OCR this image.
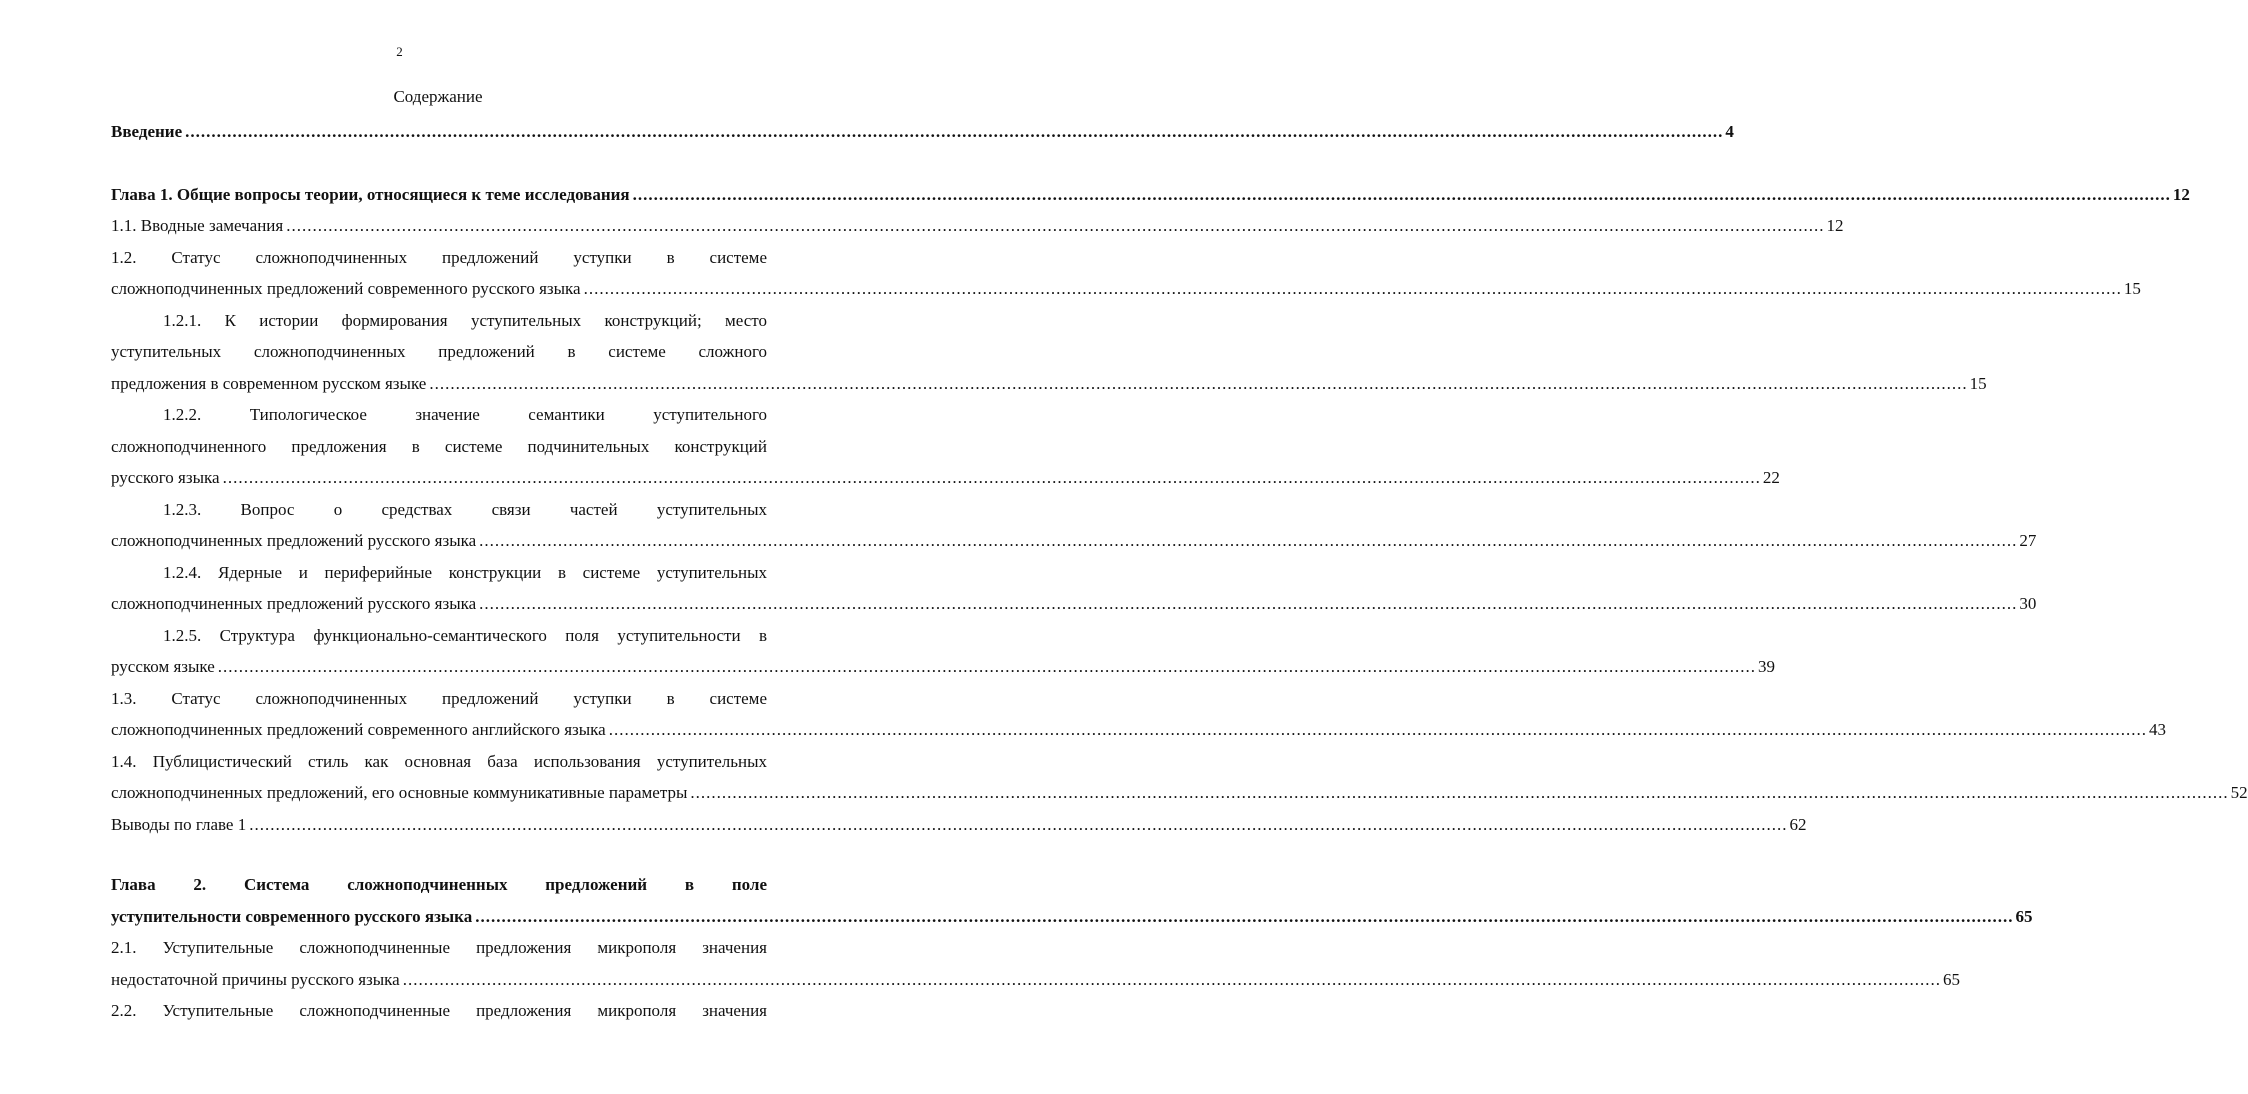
2
Содержание
Введение .....	4
Глава 1. Общие вопросы теории, относящиеся к теме исследования .....	12
1.1. Вводные замечания .....	12
1.2. Статус сложноподчиненных предложений уступки в системе
сложноподчиненных предложений современного русского языка .....	15
1.2.1. К истории формирования уступительных конструкций; место
уступительных сложноподчиненных предложений в системе сложного
предложения в современном русском языке .....	15
1.2.2. Типологическое значение семантики уступительного
сложноподчиненного предложения в системе подчинительных конструкций
русского языка .....	22
1.2.3. Вопрос о средствах связи частей уступительных
сложноподчиненных предложений русского языка .....	27
1.2.4. Ядерные и периферийные конструкции в системе уступительных
сложноподчиненных предложений русского языка .....	30
1.2.5. Структура функционально-семантического поля уступительности в
русском языке .....	39
1.3. Статус сложноподчиненных предложений уступки в системе
сложноподчиненных предложений современного английского языка .....	43
1.4. Публицистический стиль как основная база использования уступительных
сложноподчиненных предложений, его основные коммуникативные параметры .....	52
Выводы по главе 1 .....	62
Глава 2. Система сложноподчиненных предложений в поле
уступительности современного русского языка .....	65
2.1. Уступительные сложноподчиненные предложения микрополя значения
недостаточной причины русского языка .....	65
2.2. Уступительные сложноподчиненные предложения микрополя значения
